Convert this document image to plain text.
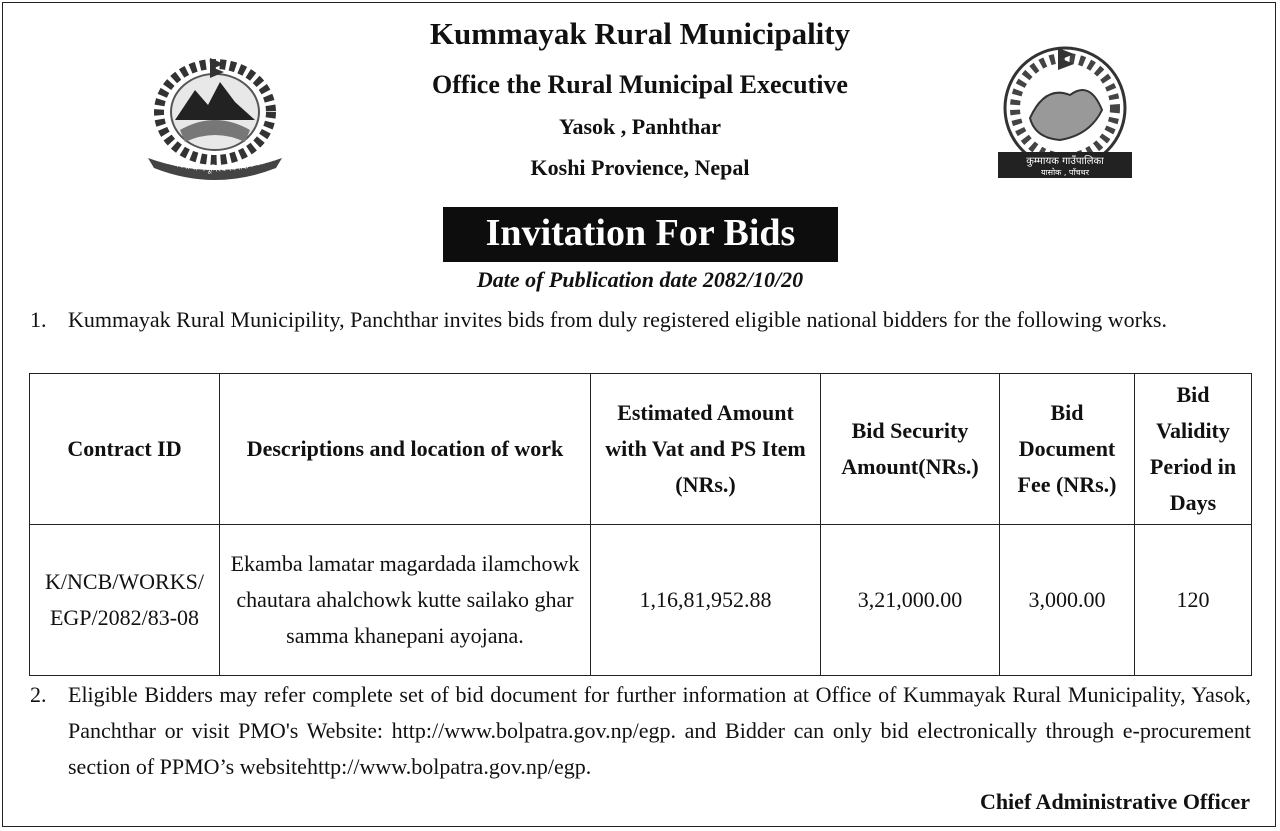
जननी जन्मभूमिश्च स्वर्गादपि गरीयसी	कुम्मायक गाउँपालिका
यासोक , पाँचथर
Kummayak Rural Municipality
Office the Rural Municipal Executive
Yasok , Panhthar
Koshi Provience, Nepal
Invitation For Bids
Date of Publication date 2082/10/20
1. Kummayak Rural Municipility, Panchthar invites bids from duly registered eligible national bidders for the following works.
Contract ID	Descriptions and location of work	Estimated Amount with Vat and PS Item (NRs.)	Bid Security Amount(NRs.)	Bid Document Fee (NRs.)	Bid Validity Period in Days
K/NCB/WORKS/ EGP/2082/83-08	Ekamba lamatar magardada ilamchowk chautara ahalchowk kutte sailako ghar samma khanepani ayojana.	1,16,81,952.88	3,21,000.00	3,000.00	120
2. Eligible Bidders may refer complete set of bid document for further information at Office of Kummayak Rural Municipality, Yasok, Panchthar or visit PMO's Website: http://www.bolpatra.gov.np/egp. and Bidder can only bid electronically through e-procurement section of PPMO’s websitehttp://www.bolpatra.gov.np/egp.
Chief Administrative Officer
